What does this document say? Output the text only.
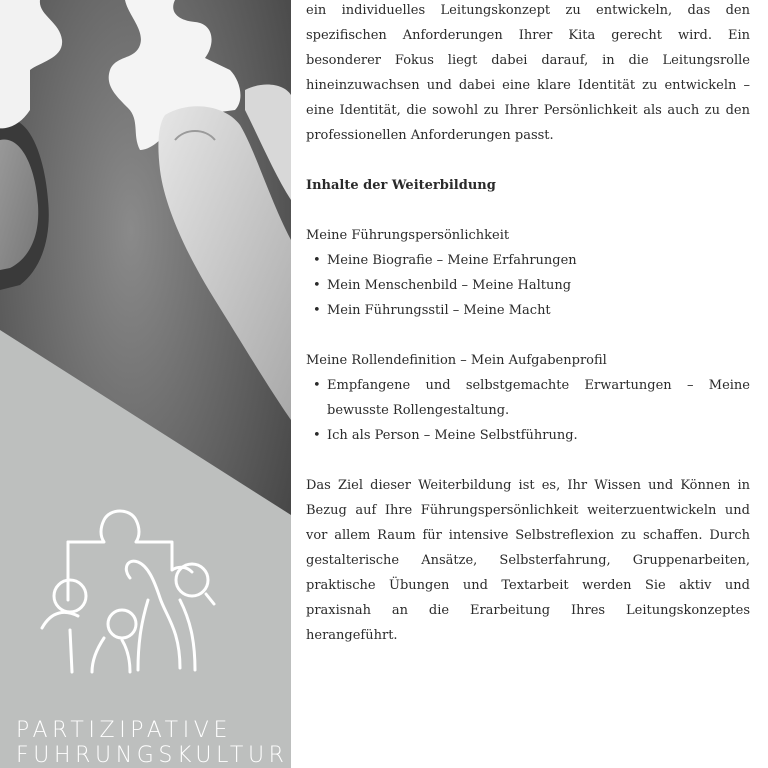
PARTIZIPATIVE
FÜHRUNGSKULTUR

ein individuelles Leitungskonzept zu entwickeln, das den spezifischen Anforderungen Ihrer Kita gerecht wird. Ein besonderer Fokus liegt dabei darauf, in die Leitungsrolle hineinzuwachsen und dabei eine klare Identität zu entwickeln – eine Identität, die sowohl zu Ihrer Persönlichkeit als auch zu den professionellen Anforderungen passt.

Inhalte der Weiterbildung

Meine Führungspersönlichkeit

• Meine Biografie – Meine Erfahrungen
• Mein Menschenbild – Meine Haltung
• Mein Führungsstil – Meine Macht

Meine Rollendefinition – Mein Aufgabenprofil

• Empfangene und selbstgemachte Erwartungen – Meine bewusste Rollengestaltung.
• Ich als Person – Meine Selbstführung.

Das Ziel dieser Weiterbildung ist es, Ihr Wissen und Können in Bezug auf Ihre Führungspersönlichkeit weiterzuentwickeln und vor allem Raum für intensive Selbstreflexion zu schaffen. Durch gestalterische Ansätze, Selbsterfahrung, Gruppenarbeiten, praktische Übungen und Textarbeit werden Sie aktiv und praxisnah an die Erarbeitung Ihres Leitungskonzeptes herangeführt.
